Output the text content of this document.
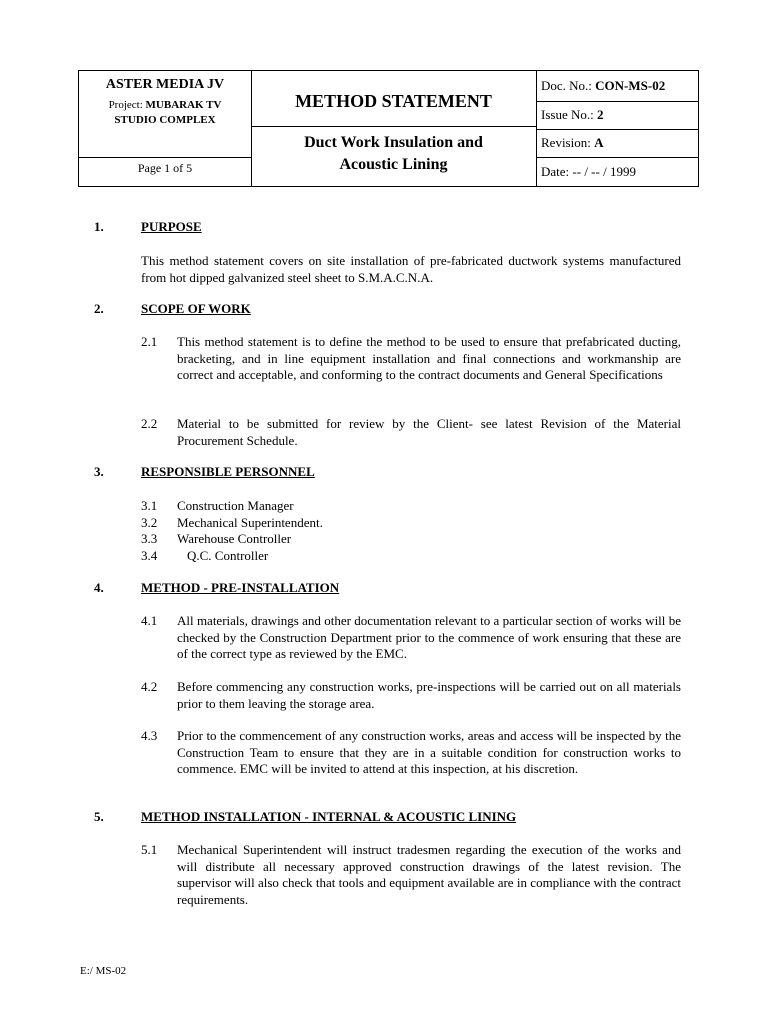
ASTER MEDIA JV
Project: MUBARAK TV
STUDIO COMPLEX
Page 1 of 5
METHOD STATEMENT
Duct Work Insulation and
Acoustic Lining
Doc. No.: CON-MS-02
Issue No.: 2
Revision: A
Date: -- / -- / 1999
1.	PURPOSE
This method statement covers on site installation of pre-fabricated ductwork systems manufactured from hot dipped galvanized steel sheet to S.M.A.C.N.A.
2.	SCOPE OF WORK
2.1	This method statement is to define the method to be used to ensure that prefabricated ducting, bracketing, and in line equipment installation and final connections and workmanship are correct and acceptable, and conforming to the contract documents and General Specifications
2.2	Material to be submitted for review by the Client- see latest Revision of the Material Procurement Schedule.
3.	RESPONSIBLE PERSONNEL
3.1 Construction Manager
3.2 Mechanical Superintendent.
3.3 Warehouse Controller
3.4 Q.C. Controller
4.	METHOD - PRE-INSTALLATION
4.1	All materials, drawings and other documentation relevant to a particular section of works will be checked by the Construction Department prior to the commence of work ensuring that these are of the correct type as reviewed by the EMC.
4.2	Before commencing any construction works, pre-inspections will be carried out on all materials prior to them leaving the storage area.
4.3	Prior to the commencement of any construction works, areas and access will be inspected by the Construction Team to ensure that they are in a suitable condition for construction works to commence. EMC will be invited to attend at this inspection, at his discretion.
5.	METHOD INSTALLATION - INTERNAL & ACOUSTIC LINING
5.1	Mechanical Superintendent will instruct tradesmen regarding the execution of the works and will distribute all necessary approved construction drawings of the latest revision. The supervisor will also check that tools and equipment available are in compliance with the contract requirements.
E:/ MS-02
